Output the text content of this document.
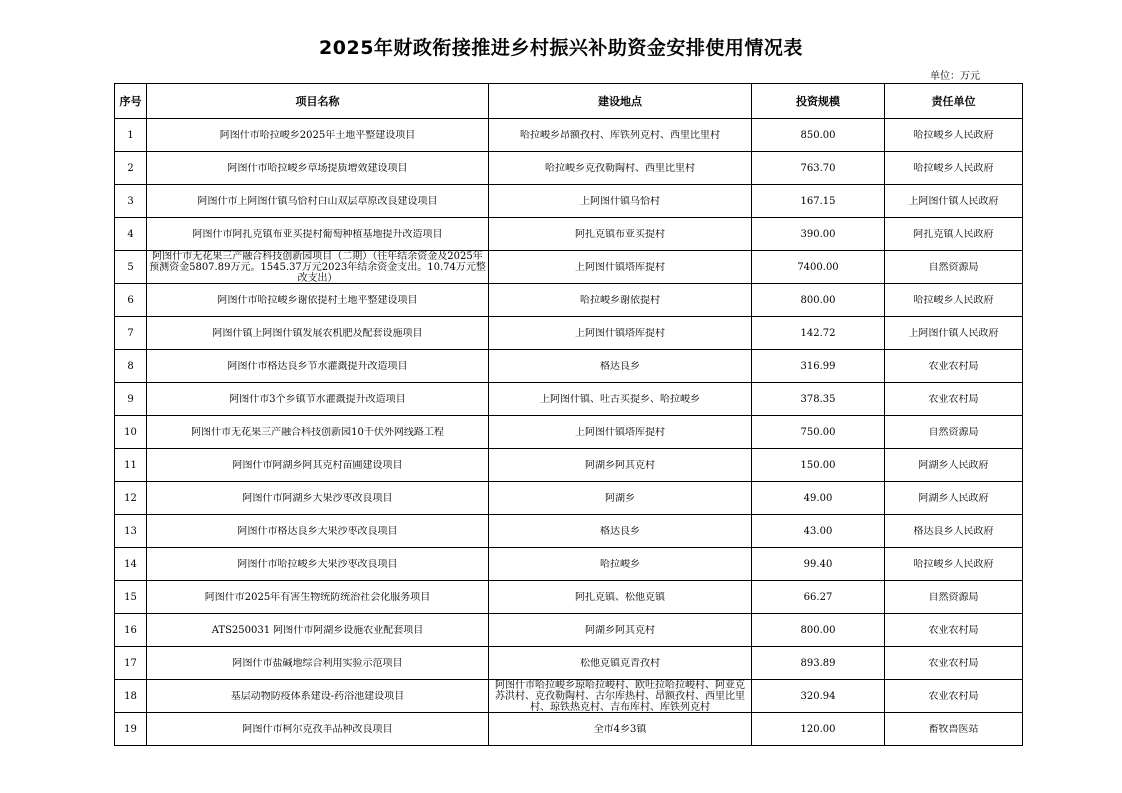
2025年财政衔接推进乡村振兴补助资金安排使用情况表
单位：万元
序号	项目名称	建设地点	投资规模	责任单位

1	阿图什市哈拉峻乡2025年土地平整建设项目	哈拉峻乡昂额孜村、库铁列克村、西里比里村	850.00	哈拉峻乡人民政府

2	阿图什市哈拉峻乡草场提质增效建设项目	哈拉峻乡克孜勒陶村、西里比里村	763.70	哈拉峻乡人民政府

3	阿图什市上阿图什镇乌恰村白山双层草原改良建设项目	上阿图什镇乌恰村	167.15	上阿图什镇人民政府

4	阿图什市阿扎克镇布亚买提村葡萄种植基地提升改造项目	阿扎克镇布亚买提村	390.00	阿扎克镇人民政府

5	阿图什市无花果三产融合科技创新园项目（二期）（往年结余资金及2025年预测资金5807.89万元。1545.37万元2023年结余资金支出。10.74万元整改支出）	上阿图什镇塔库提村	7400.00	自然资源局

6	阿图什市哈拉峻乡谢依提村土地平整建设项目	哈拉峻乡谢依提村	800.00	哈拉峻乡人民政府

7	阿图什镇上阿图什镇发展农机肥及配套设施项目	上阿图什镇塔库提村	142.72	上阿图什镇人民政府

8	阿图什市格达良乡节水灌溉提升改造项目	格达良乡	316.99	农业农村局

9	阿图什市3个乡镇节水灌溉提升改造项目	上阿图什镇、吐古买提乡、哈拉峻乡	378.35	农业农村局

10	阿图什市无花果三产融合科技创新园10千伏外网线路工程	上阿图什镇塔库提村	750.00	自然资源局

11	阿图什市阿湖乡阿其克村苗圃建设项目	阿湖乡阿其克村	150.00	阿湖乡人民政府

12	阿图什市阿湖乡大果沙枣改良项目	阿湖乡	49.00	阿湖乡人民政府

13	阿图什市格达良乡大果沙枣改良项目	格达良乡	43.00	格达良乡人民政府

14	阿图什市哈拉峻乡大果沙枣改良项目	哈拉峻乡	99.40	哈拉峻乡人民政府

15	阿图什市2025年有害生物统防统治社会化服务项目	阿扎克镇、松他克镇	66.27	自然资源局

16	ATS250031 阿图什市阿湖乡设施农业配套项目	阿湖乡阿其克村	800.00	农业农村局

17	阿图什市盐碱地综合利用实验示范项目	松他克镇克青孜村	893.89	农业农村局

18	基层动物防疫体系建设-药浴池建设项目	阿图什市哈拉峻乡琼哈拉峻村、欧吐拉哈拉峻村、阿亚克苏洪村、克孜勒陶村、古尔库热村、昂额孜村、西里比里村、琼铁热克村、吉布库村、库铁列克村	320.94	农业农村局

19	阿图什市柯尔克孜羊品种改良项目	全市4乡3镇	120.00	畜牧兽医站
